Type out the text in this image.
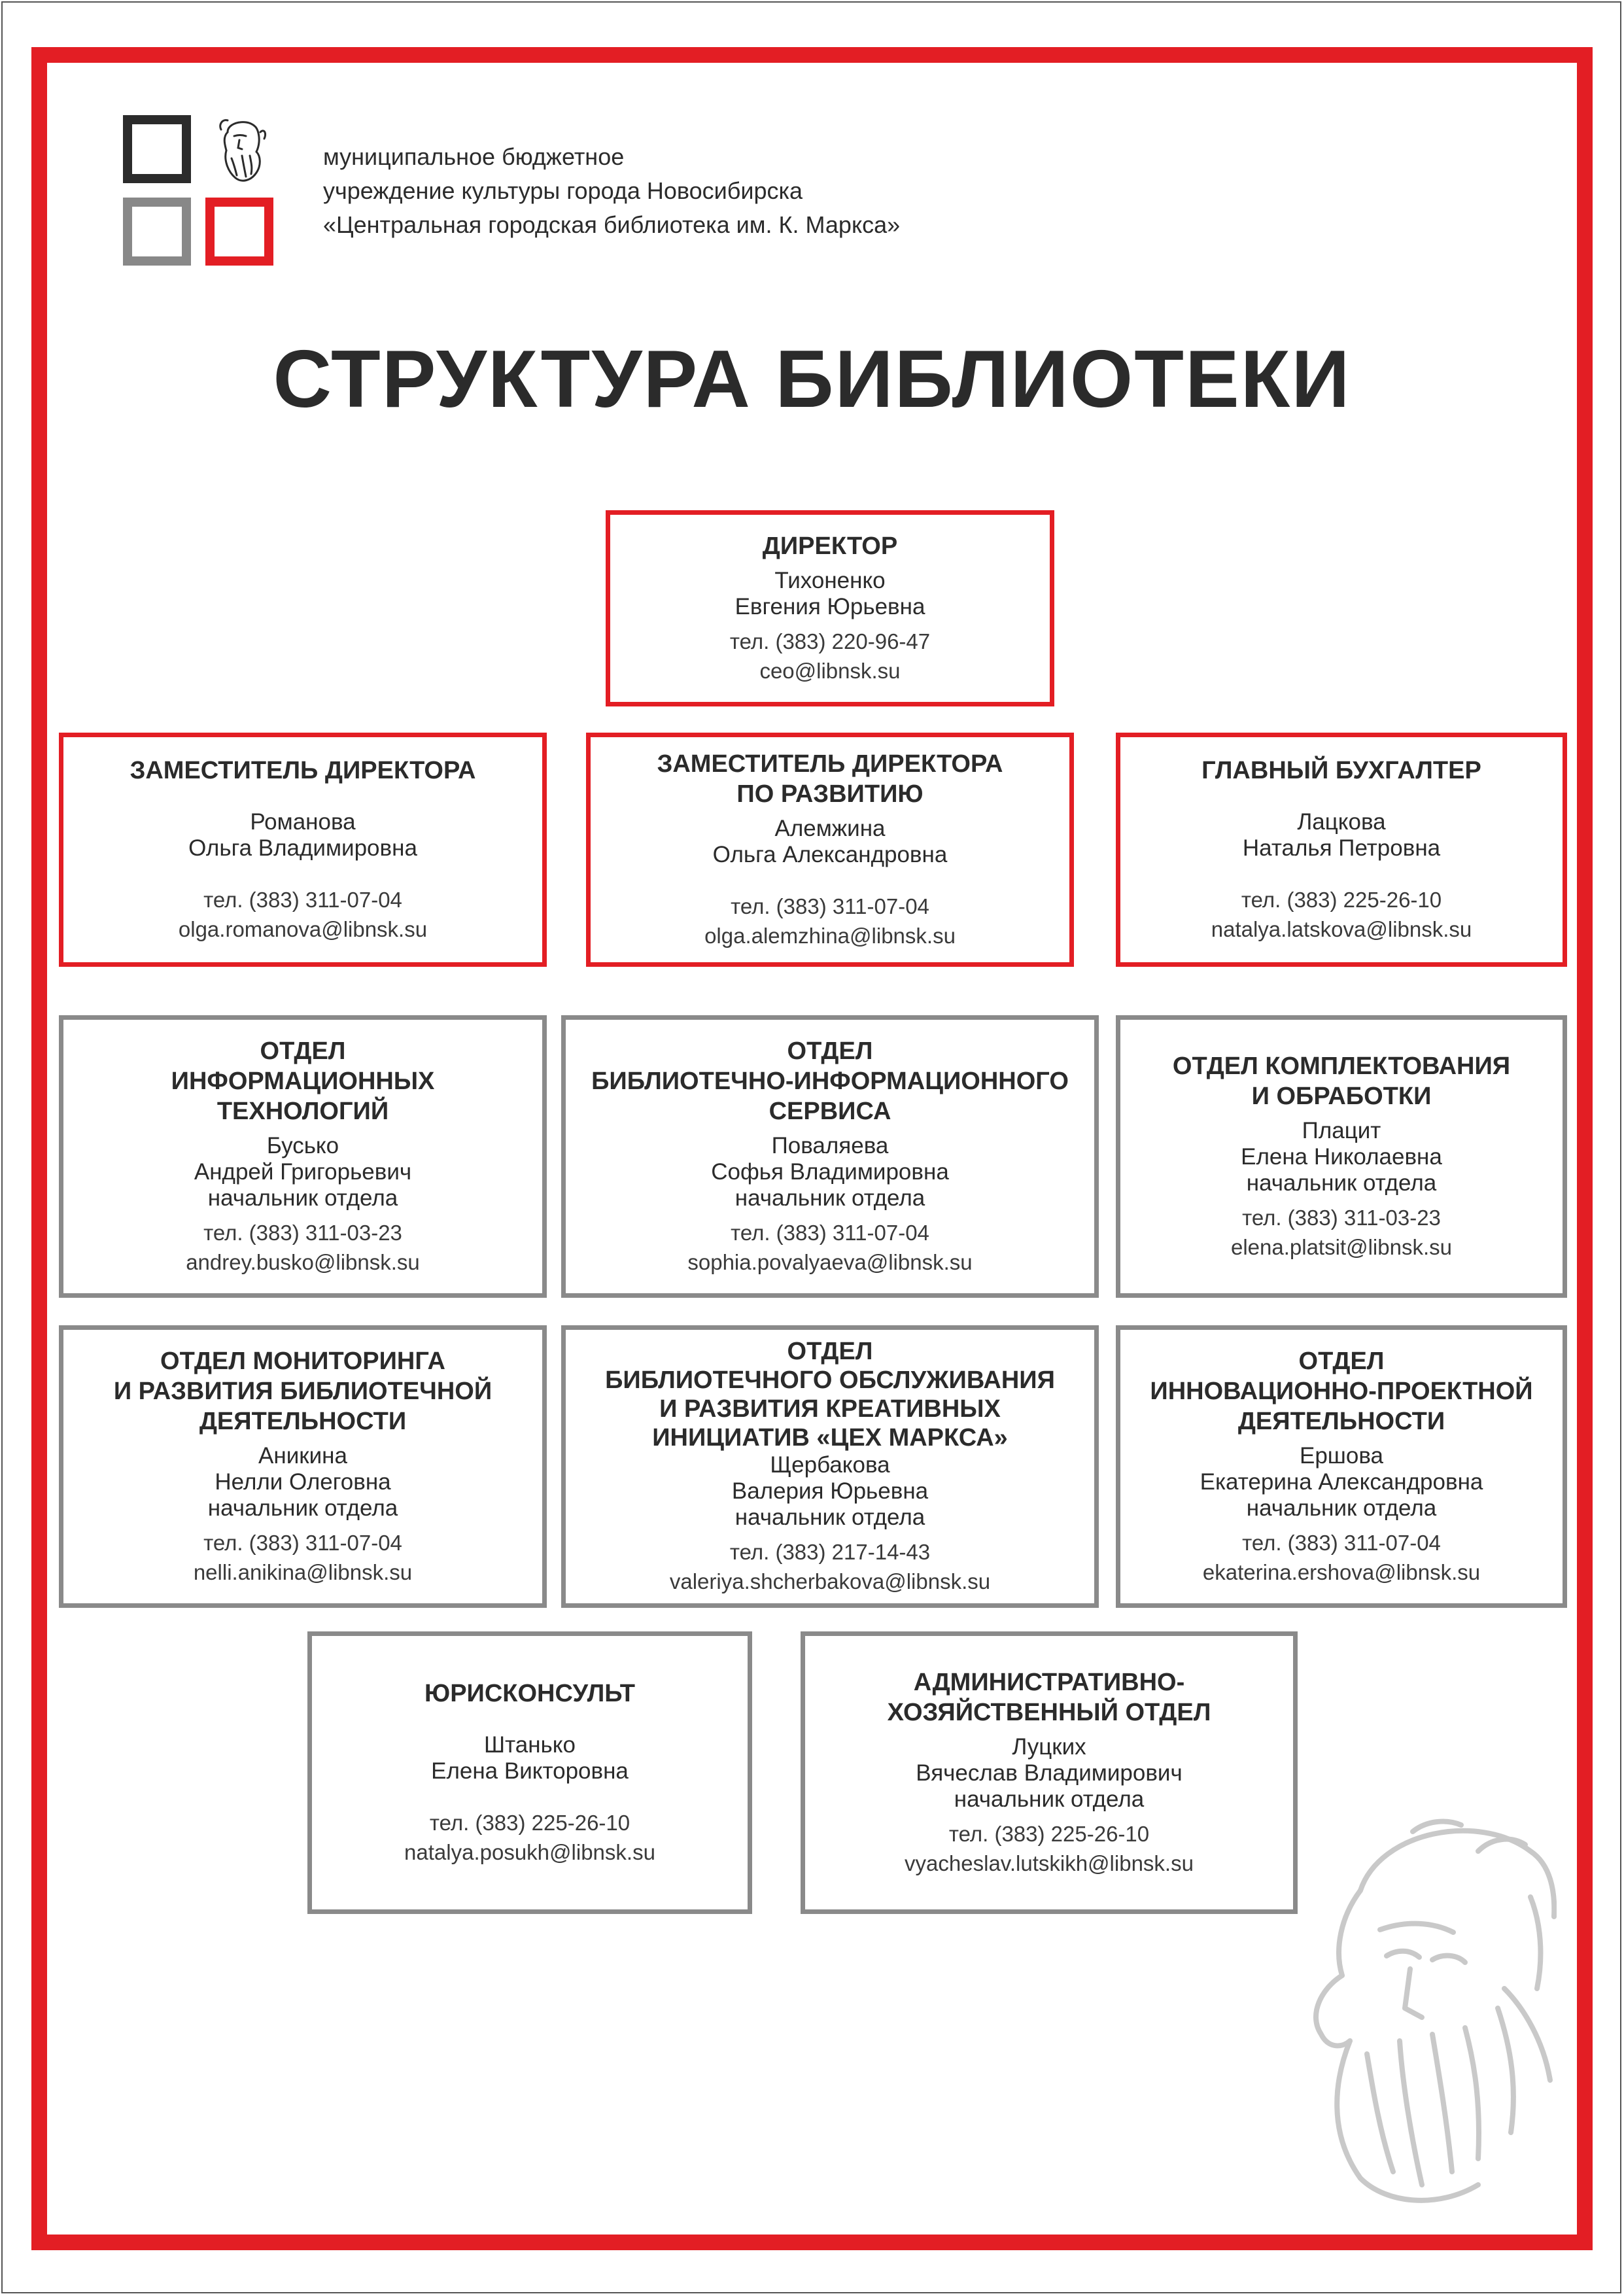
муниципальное бюджетное
учреждение культуры города Новосибирска
«Центральная городская библиотека им. К. Маркса»
СТРУКТУРА БИБЛИОТЕКИ
ДИРЕКТОР
Тихоненко
Евгения Юрьевна
тел. (383) 220-96-47
ceo@libnsk.su
ЗАМЕСТИТЕЛЬ ДИРЕКТОРА
Романова
Ольга Владимировна
тел. (383) 311-07-04
olga.romanova@libnsk.su
ЗАМЕСТИТЕЛЬ ДИРЕКТОРА
ПО РАЗВИТИЮ
Алемжина
Ольга Александровна
тел. (383) 311-07-04
olga.alemzhina@libnsk.su
ГЛАВНЫЙ БУХГАЛТЕР
Лацкова
Наталья Петровна
тел. (383) 225-26-10
natalya.latskova@libnsk.su
ОТДЕЛ
ИНФОРМАЦИОННЫХ
ТЕХНОЛОГИЙ
Бусько
Андрей Григорьевич
начальник отдела
тел. (383) 311-03-23
andrey.busko@libnsk.su
ОТДЕЛ
БИБЛИОТЕЧНО-ИНФОРМАЦИОННОГО
СЕРВИСА
Поваляева
Софья Владимировна
начальник отдела
тел. (383) 311-07-04
sophia.povalyaeva@libnsk.su
ОТДЕЛ КОМПЛЕКТОВАНИЯ
И ОБРАБОТКИ
Плацит
Елена Николаевна
начальник отдела
тел. (383) 311-03-23
elena.platsit@libnsk.su
ОТДЕЛ МОНИТОРИНГА
И РАЗВИТИЯ БИБЛИОТЕЧНОЙ
ДЕЯТЕЛЬНОСТИ
Аникина
Нелли Олеговна
начальник отдела
тел. (383) 311-07-04
nelli.anikina@libnsk.su
ОТДЕЛ
БИБЛИОТЕЧНОГО ОБСЛУЖИВАНИЯ
И РАЗВИТИЯ КРЕАТИВНЫХ
ИНИЦИАТИВ «ЦЕХ МАРКСА»
Щербакова
Валерия Юрьевна
начальник отдела
тел. (383) 217-14-43
valeriya.shcherbakova@libnsk.su
ОТДЕЛ
ИННОВАЦИОННО-ПРОЕКТНОЙ
ДЕЯТЕЛЬНОСТИ
Ершова
Екатерина Александровна
начальник отдела
тел. (383) 311-07-04
ekaterina.ershova@libnsk.su
ЮРИСКОНСУЛЬТ
Штанько
Елена Викторовна
тел. (383) 225-26-10
natalya.posukh@libnsk.su
АДМИНИСТРАТИВНО-
ХОЗЯЙСТВЕННЫЙ ОТДЕЛ
Луцких
Вячеслав Владимирович
начальник отдела
тел. (383) 225-26-10
vyacheslav.lutskikh@libnsk.su
